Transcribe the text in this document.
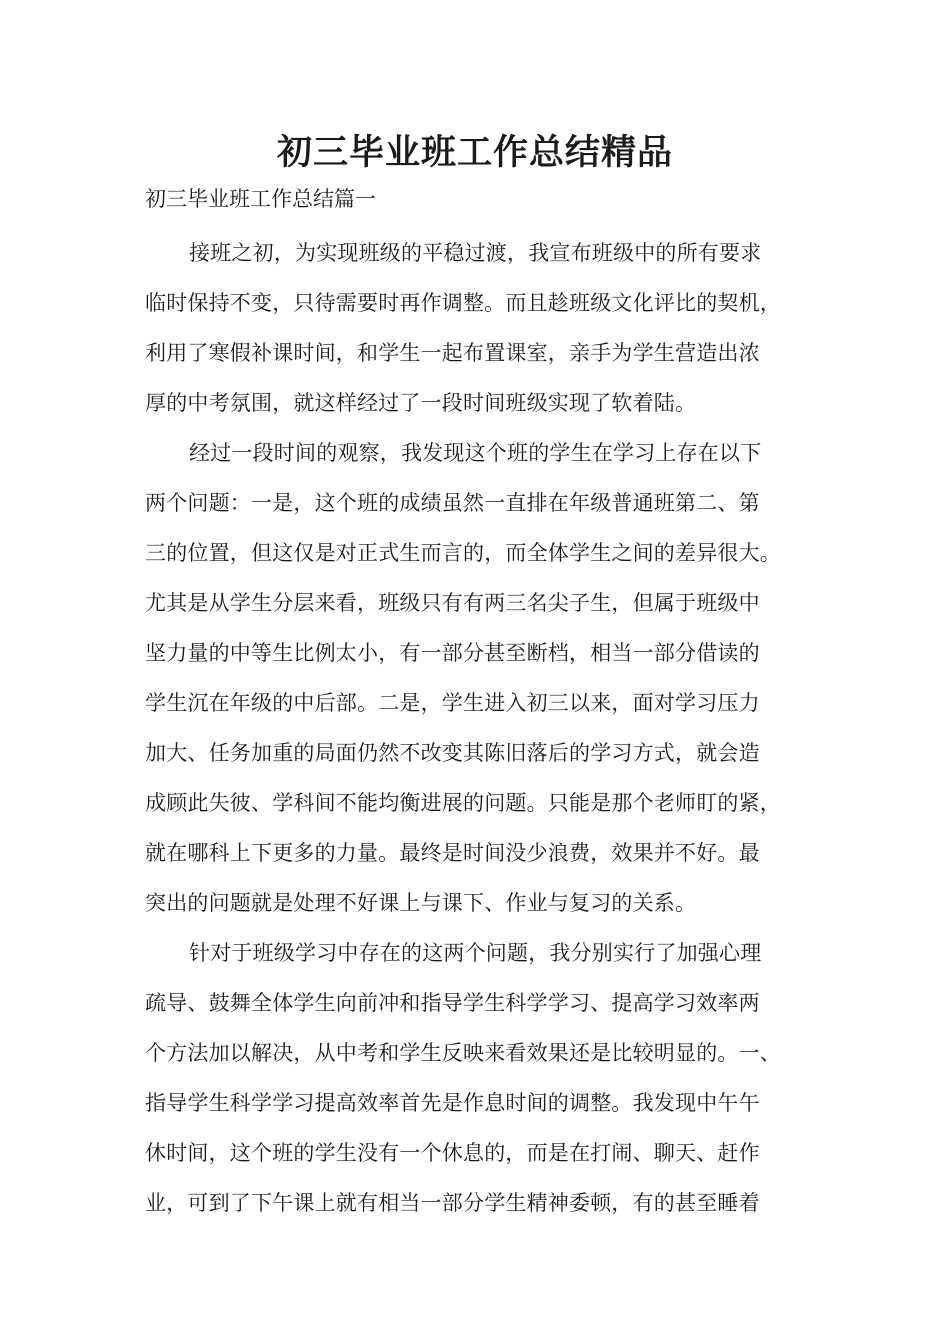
初三毕业班工作总结精品

初三毕业班工作总结篇一

接班之初，为实现班级的平稳过渡，我宣布班级中的所有要求
临时保持不变，只待需要时再作调整。而且趁班级文化评比的契机，
利用了寒假补课时间，和学生一起布置课室，亲手为学生营造出浓
厚的中考氛围，就这样经过了一段时间班级实现了软着陆。
经过一段时间的观察，我发现这个班的学生在学习上存在以下
两个问题：一是，这个班的成绩虽然一直排在年级普通班第二、第
三的位置，但这仅是对正式生而言的，而全体学生之间的差异很大。
尤其是从学生分层来看，班级只有有两三名尖子生，但属于班级中
坚力量的中等生比例太小，有一部分甚至断档，相当一部分借读的
学生沉在年级的中后部。二是，学生进入初三以来，面对学习压力
加大、任务加重的局面仍然不改变其陈旧落后的学习方式，就会造
成顾此失彼、学科间不能均衡进展的问题。只能是那个老师盯的紧，
就在哪科上下更多的力量。最终是时间没少浪费，效果并不好。最
突出的问题就是处理不好课上与课下、作业与复习的关系。
针对于班级学习中存在的这两个问题，我分别实行了加强心理
疏导、鼓舞全体学生向前冲和指导学生科学学习、提高学习效率两
个方法加以解决，从中考和学生反映来看效果还是比较明显的。一、
指导学生科学学习提高效率首先是作息时间的调整。我发现中午午
休时间，这个班的学生没有一个休息的，而是在打闹、聊天、赶作
业，可到了下午课上就有相当一部分学生精神委顿，有的甚至睡着
